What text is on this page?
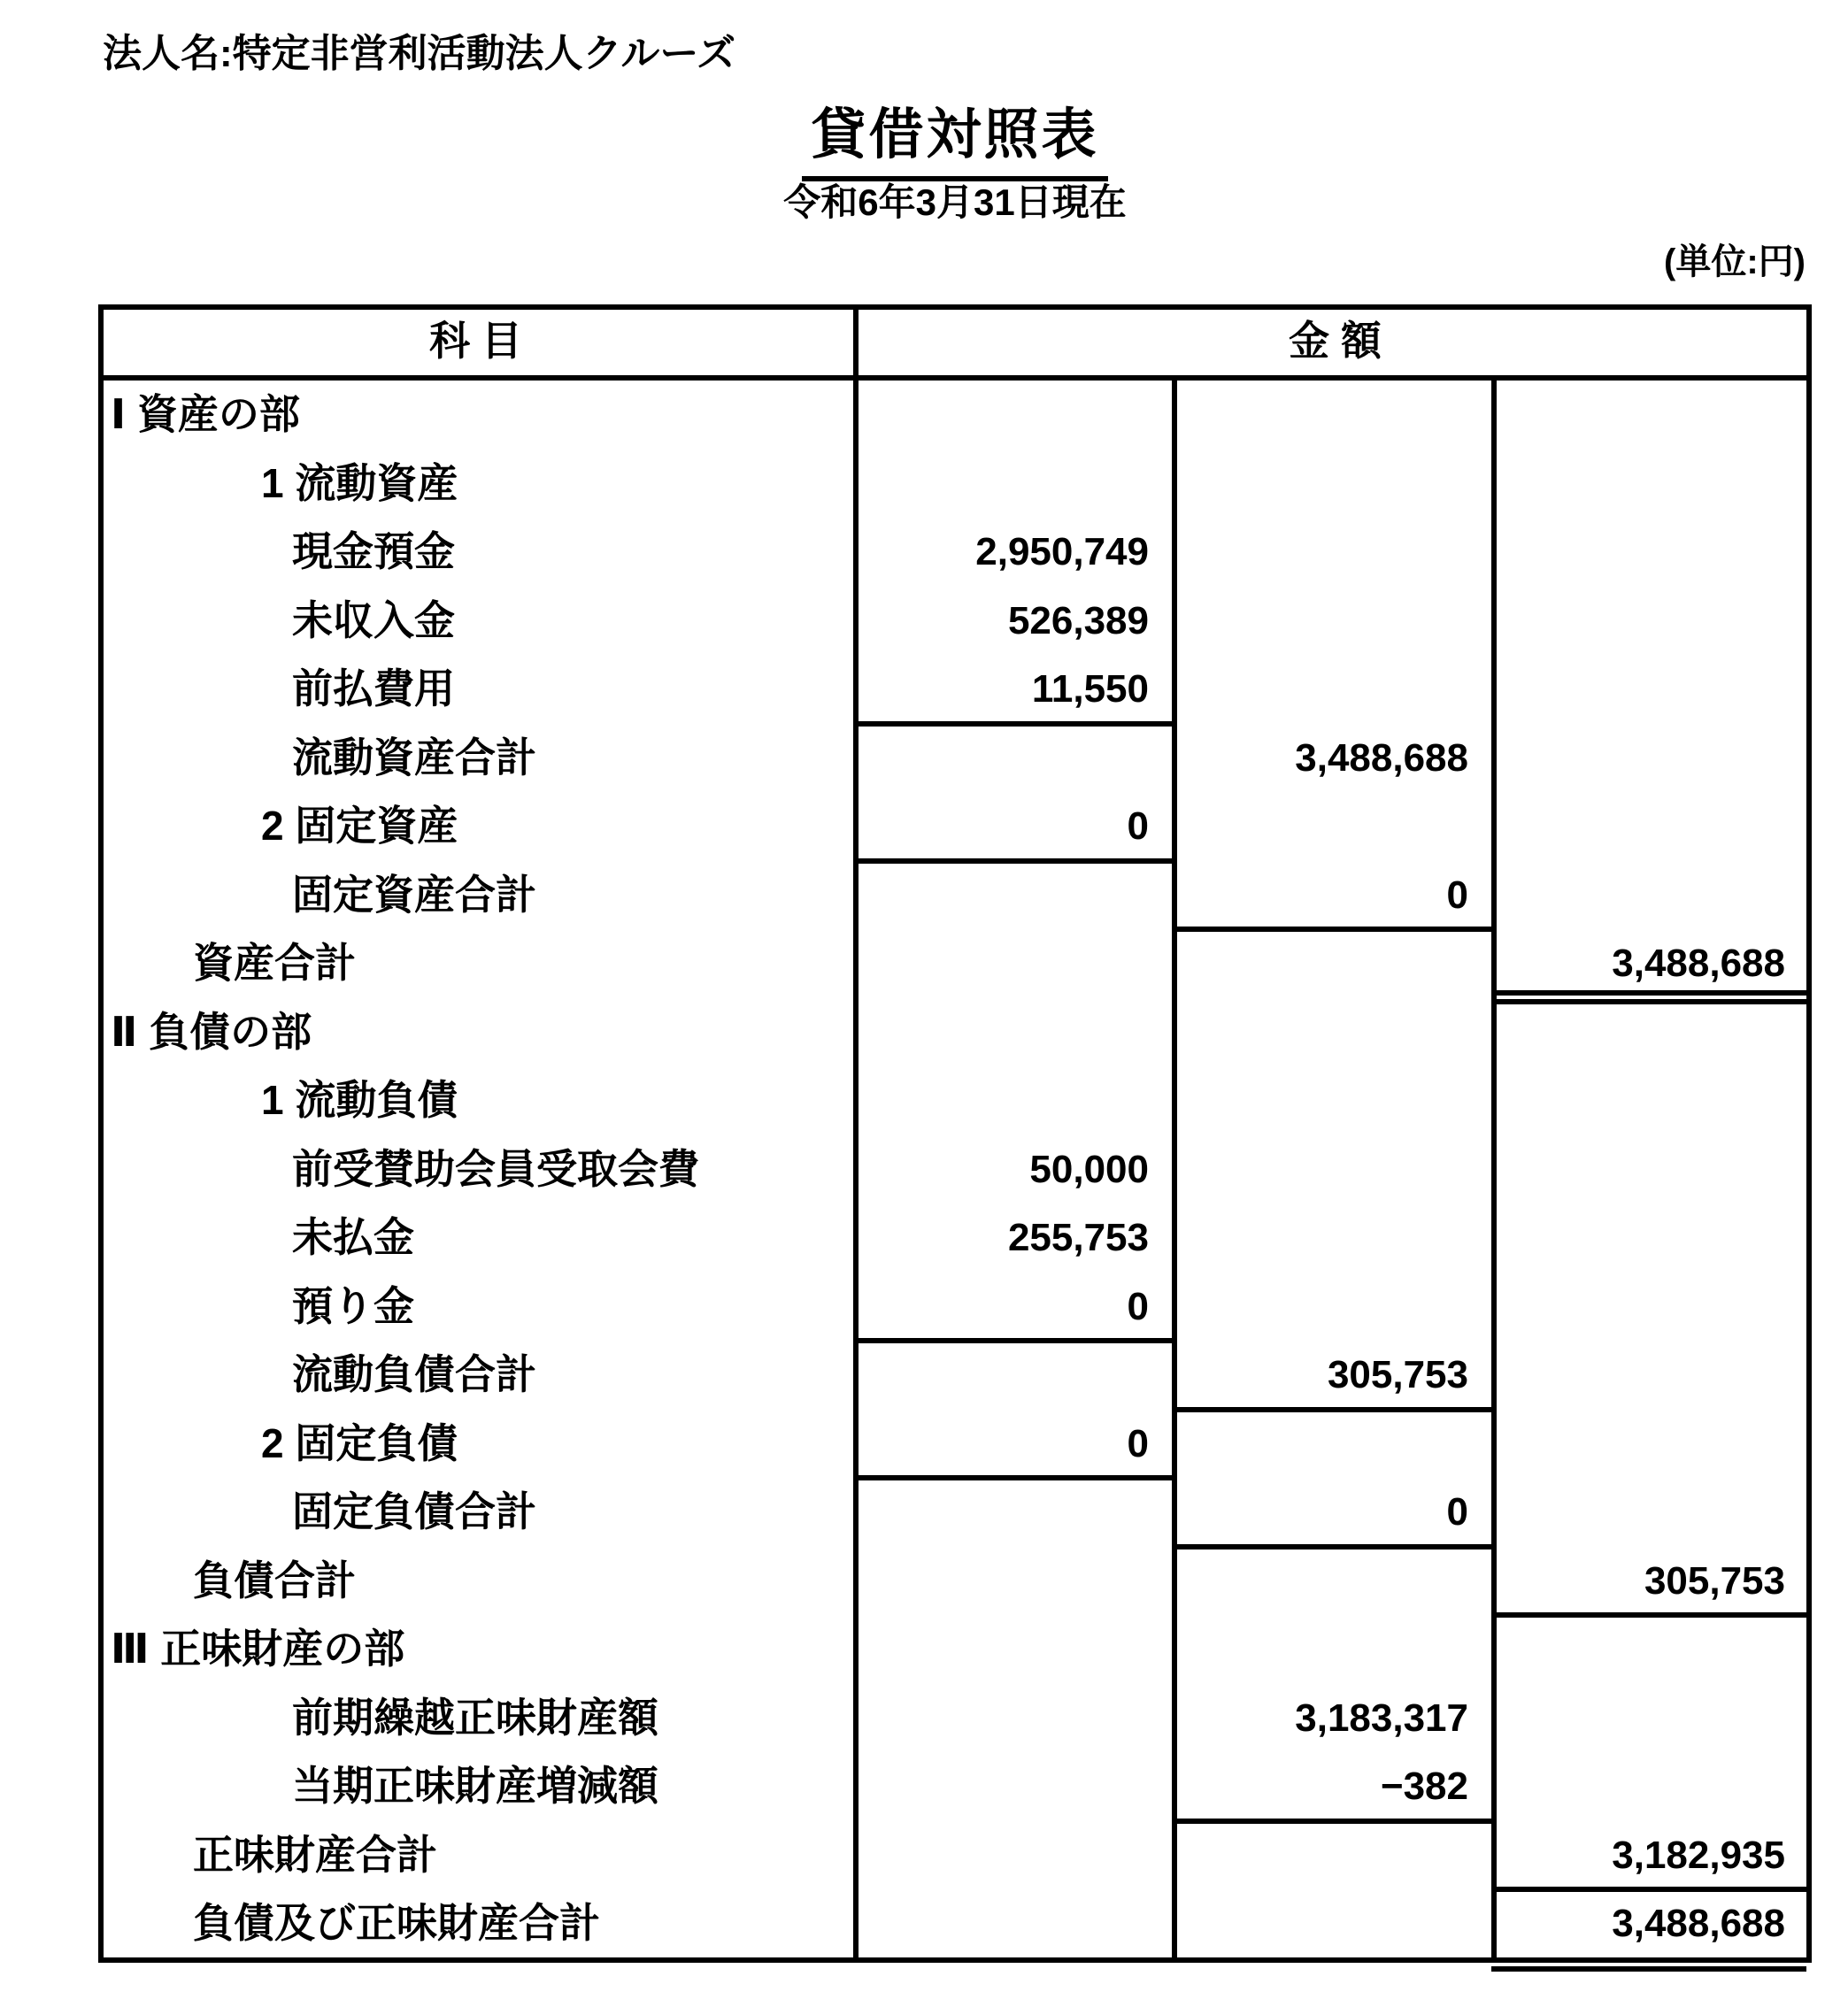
法人名:特定非営利活動法人クルーズ
貸借対照表
令和6年3月31日現在
(単位:円)
科 目	金 額
Ⅰ 資産の部
1 流動資産
現金預金	2,950,749
未収入金	526,389
前払費用	11,550
流動資産合計	3,488,688
2 固定資産	0
固定資産合計	0
資産合計	3,488,688
Ⅱ 負債の部
1 流動負債
前受賛助会員受取会費	50,000
未払金	255,753
預り金	0
流動負債合計	305,753
2 固定負債	0
固定負債合計	0
負債合計	305,753
Ⅲ 正味財産の部
前期繰越正味財産額	3,183,317
当期正味財産増減額	−382
正味財産合計	3,182,935
負債及び正味財産合計	3,488,688
